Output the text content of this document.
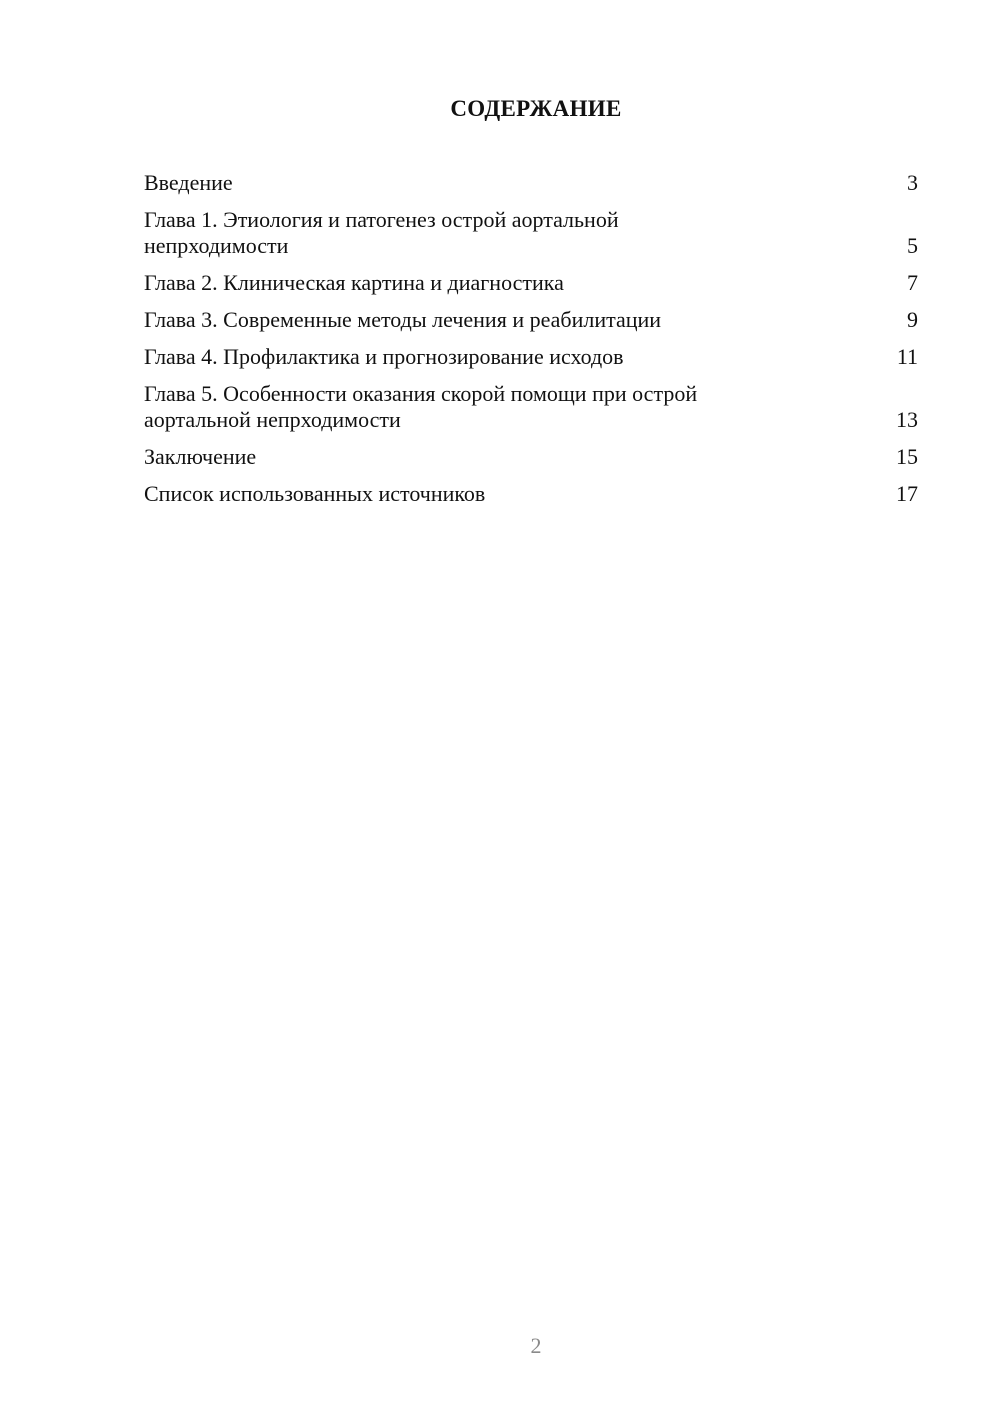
СОДЕРЖАНИЕ
Введение	3
Глава 1. Этиология и патогенез острой аортальной
непрходимости	5
Глава 2. Клиническая картина и диагностика	7
Глава 3. Современные методы лечения и реабилитации	9
Глава 4. Профилактика и прогнозирование исходов	11
Глава 5. Особенности оказания скорой помощи при острой
аортальной непрходимости	13
Заключение	15
Список использованных источников	17
2
